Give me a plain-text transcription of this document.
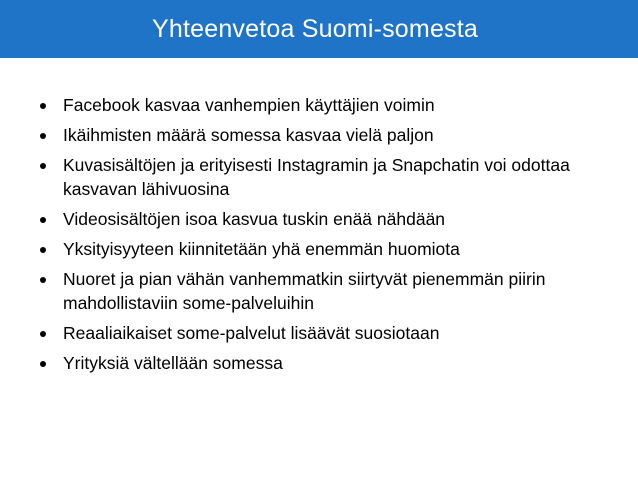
Yhteenvetoa Suomi-somesta
Facebook kasvaa vanhempien käyttäjien voimin
Ikäihmisten määrä somessa kasvaa vielä paljon
Kuvasisältöjen ja erityisesti Instagramin ja Snapchatin voi odottaa kasvavan lähivuosina
Videosisältöjen isoa kasvua tuskin enää nähdään
Yksityisyyteen kiinnitetään yhä enemmän huomiota
Nuoret ja pian vähän vanhemmatkin siirtyvät pienemmän piirin mahdollistaviin some-palveluihin
Reaaliaikaiset some-palvelut lisäävät suosiotaan
Yrityksiä vältellään somessa
